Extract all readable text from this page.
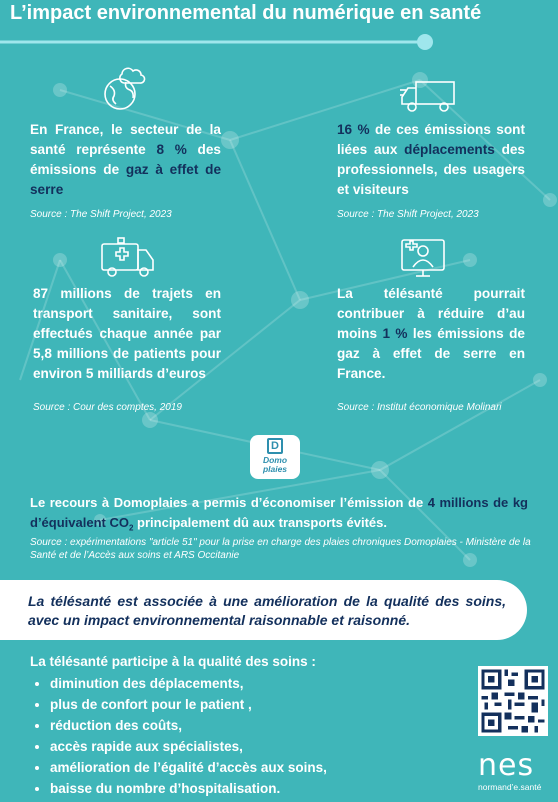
L’impact environnemental du numérique en santé
En France, le secteur de la santé représente 8 % des émissions de gaz à effet de serre
Source : The Shift Project, 2023
16 % de ces émissions sont liées aux déplacements des professionnels, des usagers et visiteurs
Source : The Shift Project, 2023
87 millions de trajets en transport sanitaire, sont effectués chaque année par 5,8 millions de patients pour environ 5 milliards d’euros
Source : Cour des comptes, 2019
La télésanté pourrait contribuer à réduire d’au moins 1 % les émissions de gaz à effet de serre en France.
Source : Institut économique Molinari
D
Domo plaies
Le recours à Domoplaies a permis d’économiser l’émission de 4 millions de kg d’équivalent $CO_2$ principalement dû aux transports évités.
Source : expérimentations "article 51" pour la prise en charge des plaies chroniques Domoplaies - Ministère de la Santé et de l’Accès aux soins et ARS Occitanie
La télésanté est associée à une amélioration de la qualité des soins, avec un impact environnemental raisonnable et raisonné.
La télésanté participe à la qualité des soins :
• diminution des déplacements,
• plus de confort pour le patient ,
• réduction des coûts,
• accès rapide aux spécialistes,
• amélioration de l’égalité d’accès aux soins,
• baisse du nombre d’hospitalisation.
nes
normand’e.santé
